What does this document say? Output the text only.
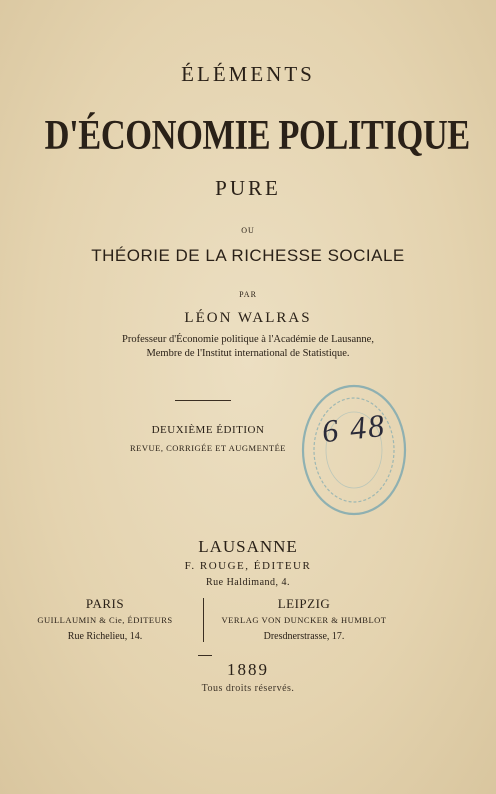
ÉLÉMENTS
D'ÉCONOMIE POLITIQUE
PURE
OU
THÉORIE DE LA RICHESSE SOCIALE
PAR
LÉON WALRAS
Professeur d'Économie politique à l'Académie de Lausanne,
Membre de l'Institut international de Statistique.
DEUXIÈME ÉDITION
REVUE, CORRIGÉE ET AUGMENTÉE	6 48
LAUSANNE
F. ROUGE, ÉDITEUR
Rue Haldimand, 4.
PARIS
GUILLAUMIN & Cie, ÉDITEURS
Rue Richelieu, 14.
LEIPZIG
VERLAG VON DUNCKER & HUMBLOT
Dresdnerstrasse, 17.
1889
Tous droits réservés.
